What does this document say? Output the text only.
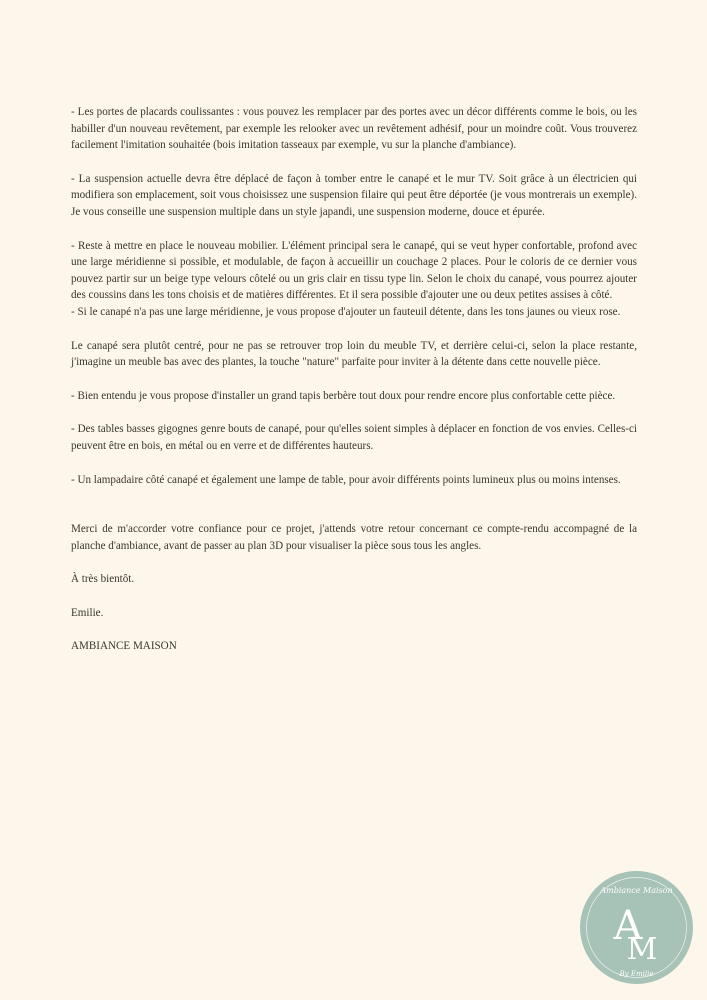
- Les portes de placards coulissantes : vous pouvez les remplacer par des portes avec un décor différents comme le bois, ou les habiller d'un nouveau revêtement, par exemple les relooker avec un revêtement adhésif, pour un moindre coût. Vous trouverez facilement l'imitation souhaitée (bois imitation tasseaux par exemple, vu sur la planche d'ambiance).

- La suspension actuelle devra être déplacé de façon à tomber entre le canapé et le mur TV. Soit grâce à un électricien qui modifiera son emplacement, soit vous choisissez une suspension filaire qui peut être déportée (je vous montrerais un exemple). Je vous conseille une suspension multiple dans un style japandi, une suspension moderne, douce et épurée.

- Reste à mettre en place le nouveau mobilier. L'élément principal sera le canapé, qui se veut hyper confortable, profond avec une large méridienne si possible, et modulable, de façon à accueillir un couchage 2 places. Pour le coloris de ce dernier vous pouvez partir sur un beige type velours côtelé ou un gris clair en tissu type lin. Selon le choix du canapé, vous pourrez ajouter des coussins dans les tons choisis et de matières différentes. Et il sera possible d'ajouter une ou deux petites assises à côté.

- Si le canapé n'a pas une large méridienne, je vous propose d'ajouter un fauteuil détente, dans les tons jaunes ou vieux rose.

Le canapé sera plutôt centré, pour ne pas se retrouver trop loin du meuble TV, et derrière celui-ci, selon la place restante, j'imagine un meuble bas avec des plantes, la touche "nature" parfaite pour inviter à la détente dans cette nouvelle pièce.

- Bien entendu je vous propose d'installer un grand tapis berbère tout doux pour rendre encore plus confortable cette pièce.

- Des tables basses gigognes genre bouts de canapé, pour qu'elles soient simples à déplacer en fonction de vos envies. Celles-ci peuvent être en bois, en métal ou en verre et de différentes hauteurs.

- Un lampadaire côté canapé et également une lampe de table, pour avoir différents points lumineux plus ou moins intenses.

Merci de m'accorder votre confiance pour ce projet, j'attends votre retour concernant ce compte-rendu accompagné de la planche d'ambiance, avant de passer au plan 3D pour visualiser la pièce sous tous les angles.

À très bientôt.

Emilie.

AMBIANCE MAISON

Ambiance Maison
A
M
By Emilie
